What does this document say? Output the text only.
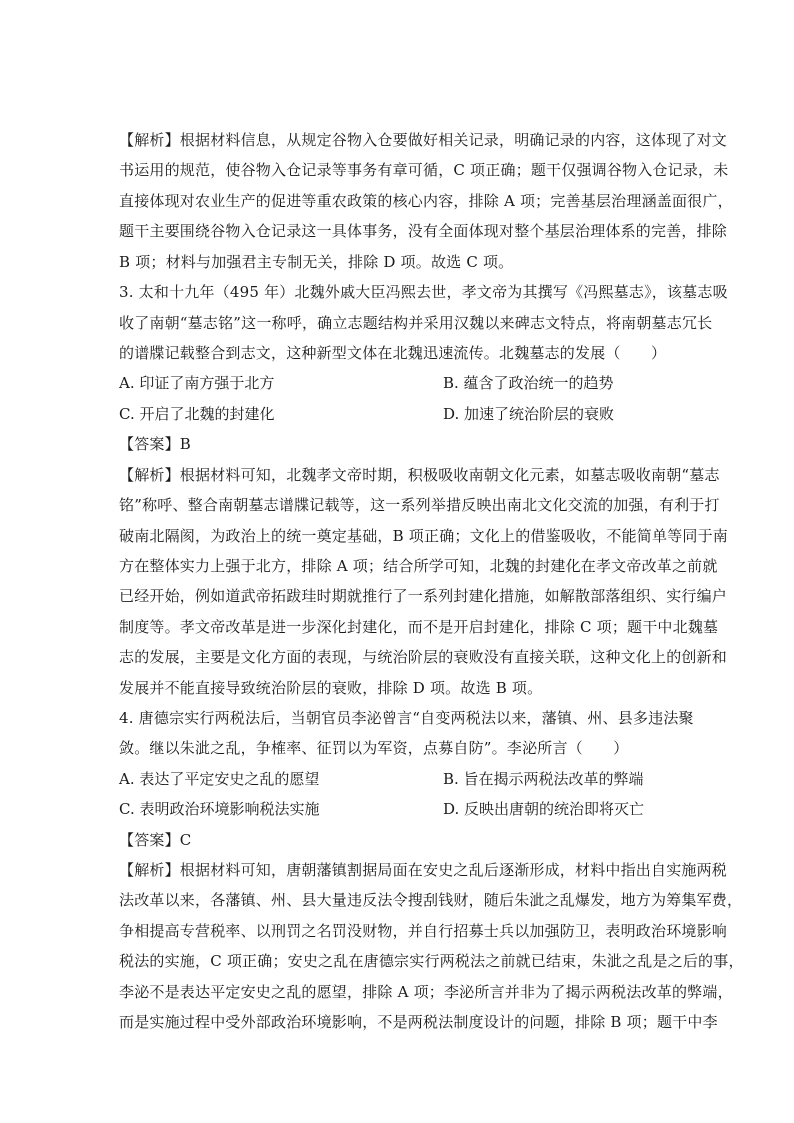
【解析】根据材料信息，从规定谷物入仓要做好相关记录，明确记录的内容，这体现了对文
书运用的规范，使谷物入仓记录等事务有章可循，C 项正确；题干仅强调谷物入仓记录，未
直接体现对农业生产的促进等重农政策的核心内容，排除 A 项；完善基层治理涵盖面很广，
题干主要围绕谷物入仓记录这一具体事务，没有全面体现对整个基层治理体系的完善，排除
B 项；材料与加强君主专制无关，排除 D 项。故选 C 项。
3. 太和十九年（495 年）北魏外戚大臣冯熙去世，孝文帝为其撰写《冯熙墓志》，该墓志吸
收了南朝“墓志铭”这一称呼，确立志题结构并采用汉魏以来碑志文特点，将南朝墓志冗长
的谱牒记载整合到志文，这种新型文体在北魏迅速流传。北魏墓志的发展（　　）
A. 印证了南方强于北方	B. 蕴含了政治统一的趋势
C. 开启了北魏的封建化	D. 加速了统治阶层的衰败
【答案】B
【解析】根据材料可知，北魏孝文帝时期，积极吸收南朝文化元素，如墓志吸收南朝“墓志
铭”称呼、整合南朝墓志谱牒记载等，这一系列举措反映出南北文化交流的加强，有利于打
破南北隔阂，为政治上的统一奠定基础，B 项正确；文化上的借鉴吸收，不能简单等同于南
方在整体实力上强于北方，排除 A 项；结合所学可知，北魏的封建化在孝文帝改革之前就
已经开始，例如道武帝拓跋珪时期就推行了一系列封建化措施，如解散部落组织、实行编户
制度等。孝文帝改革是进一步深化封建化，而不是开启封建化，排除 C 项；题干中北魏墓
志的发展，主要是文化方面的表现，与统治阶层的衰败没有直接关联，这种文化上的创新和
发展并不能直接导致统治阶层的衰败，排除 D 项。故选 B 项。
4. 唐德宗实行两税法后，当朝官员李泌曾言“自变两税法以来，藩镇、州、县多违法聚
敛。继以朱泚之乱，争榷率、征罚以为军资，点募自防”。李泌所言（　　）
A. 表达了平定安史之乱的愿望	B. 旨在揭示两税法改革的弊端
C. 表明政治环境影响税法实施	D. 反映出唐朝的统治即将灭亡
【答案】C
【解析】根据材料可知，唐朝藩镇割据局面在安史之乱后逐渐形成，材料中指出自实施两税
法改革以来，各藩镇、州、县大量违反法令搜刮钱财，随后朱泚之乱爆发，地方为筹集军费，
争相提高专营税率、以刑罚之名罚没财物，并自行招募士兵以加强防卫，表明政治环境影响
税法的实施，C 项正确；安史之乱在唐德宗实行两税法之前就已结束，朱泚之乱是之后的事，
李泌不是表达平定安史之乱的愿望，排除 A 项；李泌所言并非为了揭示两税法改革的弊端，
而是实施过程中受外部政治环境影响，不是两税法制度设计的问题，排除 B 项；题干中李
